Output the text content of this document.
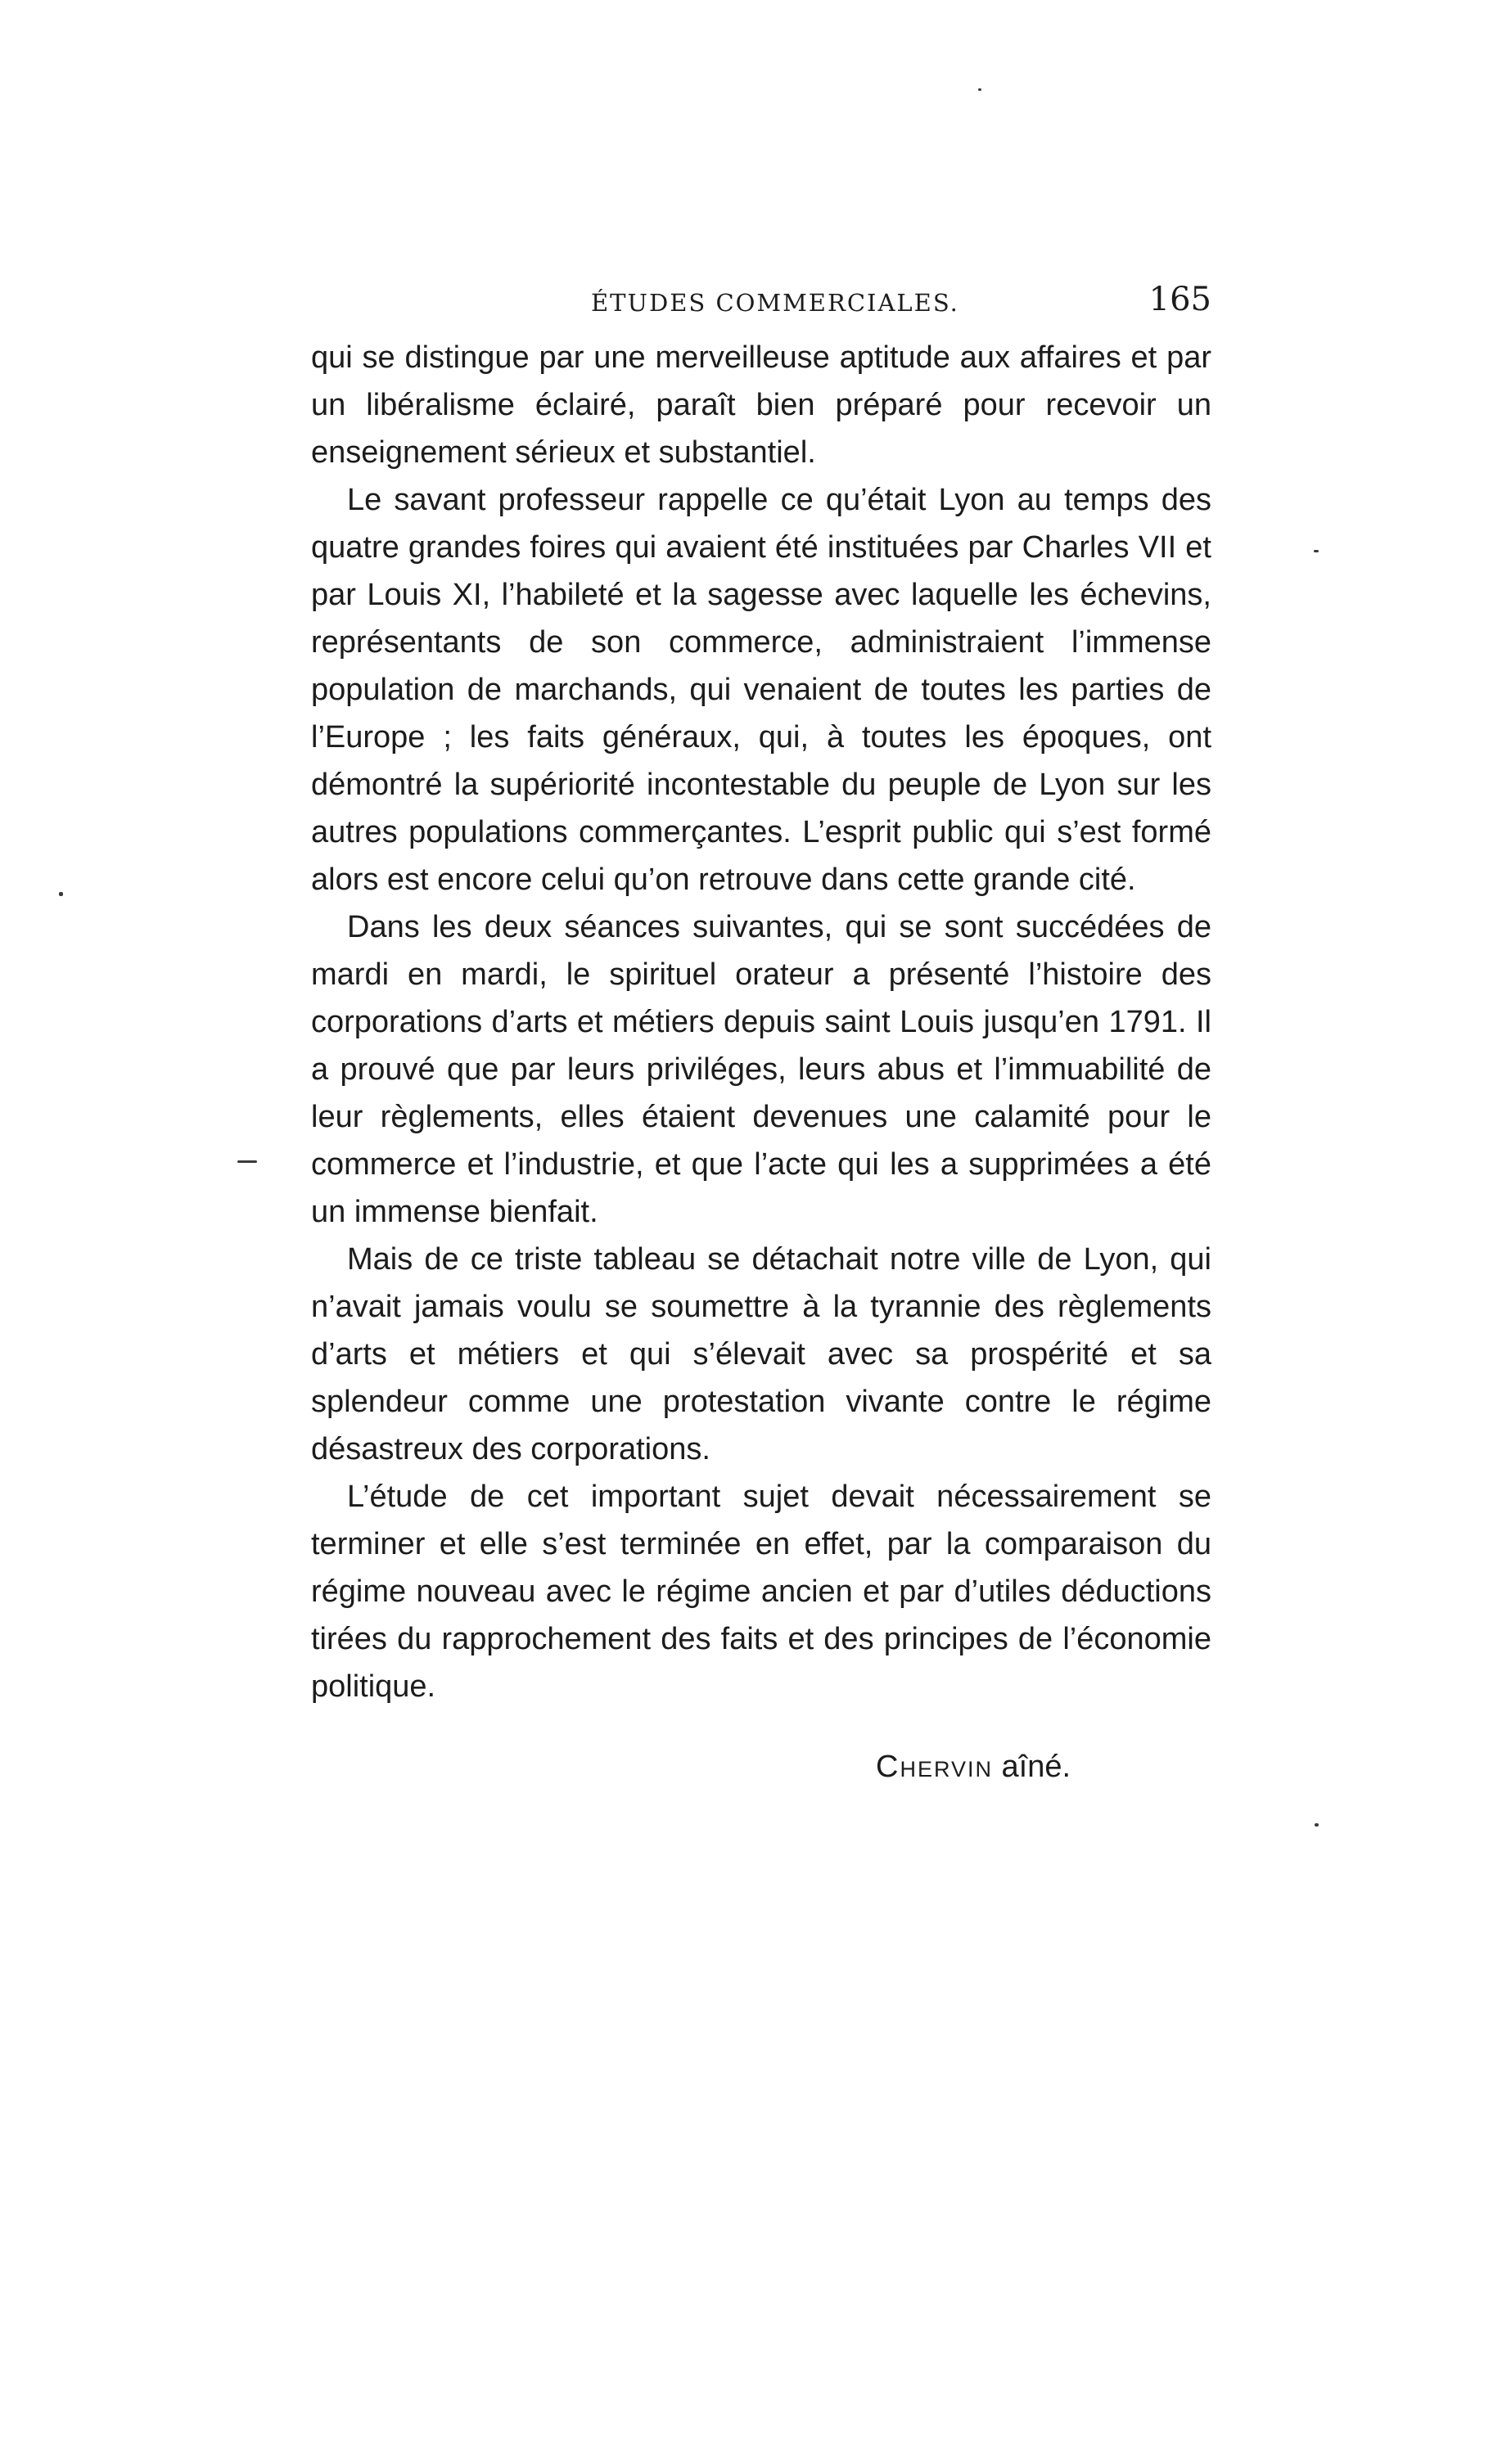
ÉTUDES COMMERCIALES.	165

qui se distingue par une merveilleuse aptitude aux affaires et par un libéralisme éclairé, paraît bien préparé pour recevoir un enseignement sérieux et substantiel.

Le savant professeur rappelle ce qu’était Lyon au temps des quatre grandes foires qui avaient été instituées par Charles VII et par Louis XI, l’habileté et la sagesse avec laquelle les échevins, représentants de son commerce, administraient l’immense population de marchands, qui venaient de toutes les parties de l’Europe ; les faits généraux, qui, à toutes les époques, ont démontré la supériorité incontestable du peuple de Lyon sur les autres populations commerçantes. L’esprit public qui s’est formé alors est encore celui qu’on retrouve dans cette grande cité.

Dans les deux séances suivantes, qui se sont succédées de mardi en mardi, le spirituel orateur a présenté l’histoire des corporations d’arts et métiers depuis saint Louis jusqu’en 1791. Il a prouvé que par leurs priviléges, leurs abus et l’immuabilité de leur règlements, elles étaient devenues une calamité pour le commerce et l’industrie, et que l’acte qui les a supprimées a été un immense bienfait.

Mais de ce triste tableau se détachait notre ville de Lyon, qui n’avait jamais voulu se soumettre à la tyrannie des règlements d’arts et métiers et qui s’élevait avec sa prospérité et sa splendeur comme une protestation vivante contre le régime désastreux des corporations.

L’étude de cet important sujet devait nécessairement se terminer et elle s’est terminée en effet, par la comparaison du régime nouveau avec le régime ancien et par d’utiles déductions tirées du rapprochement des faits et des principes de l’économie politique.

Chervin aîné.
